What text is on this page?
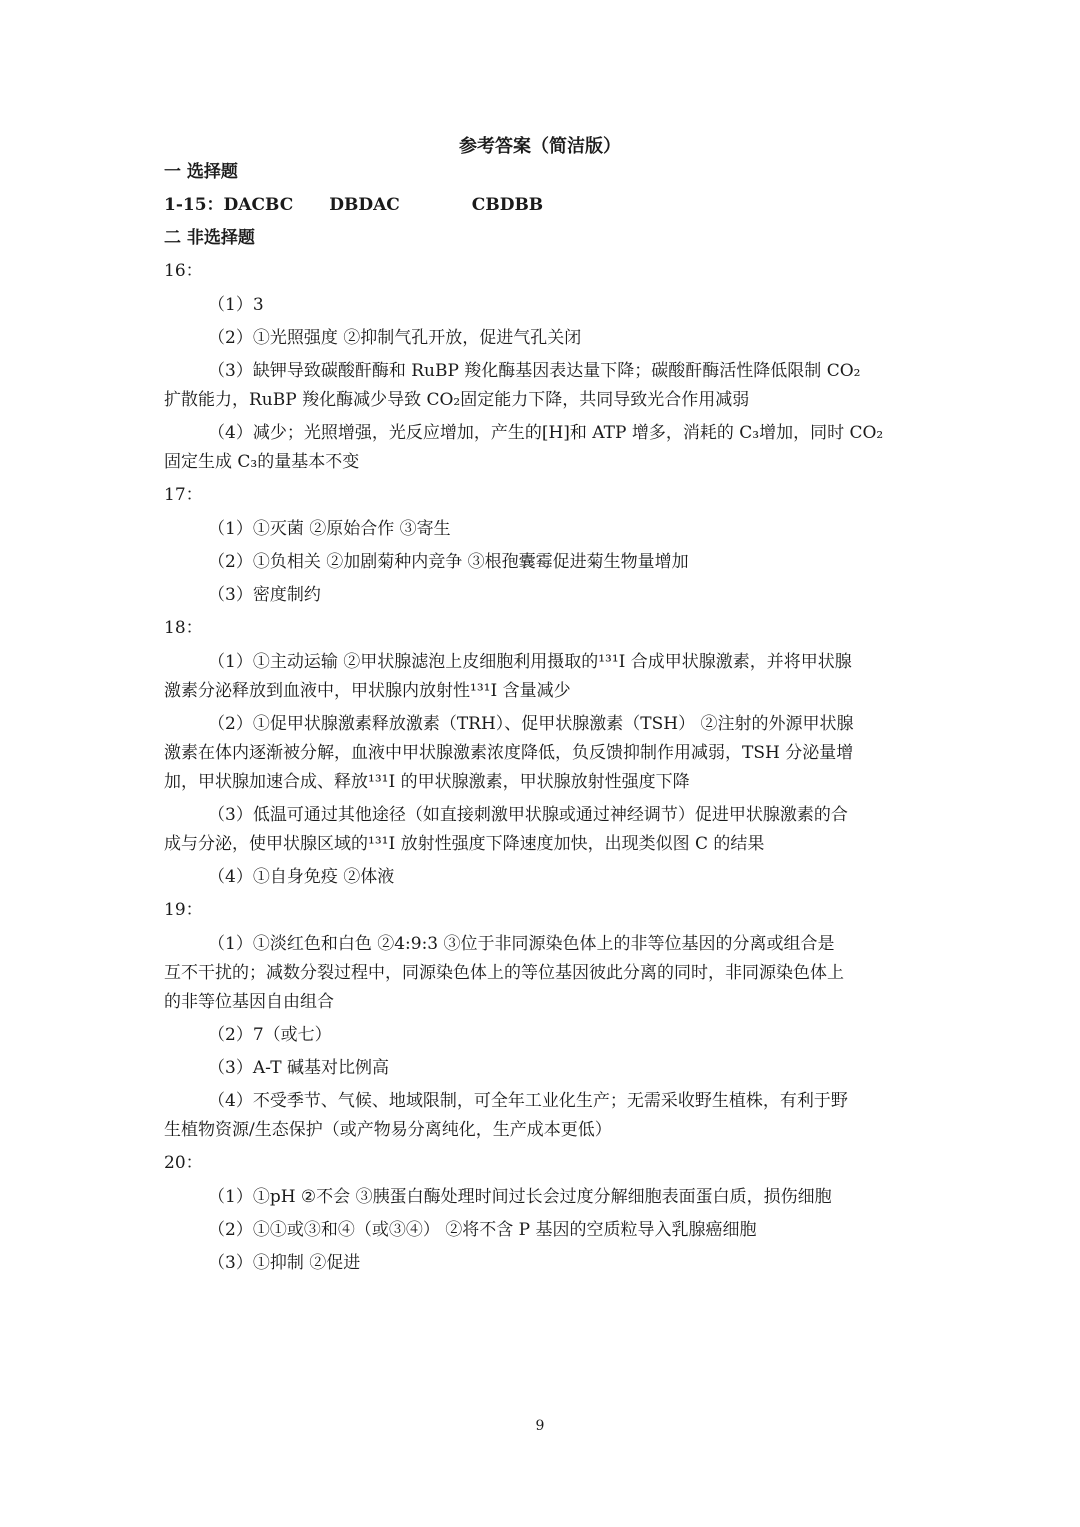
参考答案（简洁版）

一 选择题

1-15：DACBC DBDAC	CBDBB

二 非选择题

16：

（1）3

（2）①光照强度 ②抑制气孔开放，促进气孔关闭

（3）缺钾导致碳酸酐酶和 RuBP 羧化酶基因表达量下降；碳酸酐酶活性降低限制 CO₂

扩散能力，RuBP 羧化酶减少导致 CO₂固定能力下降，共同导致光合作用减弱

（4）减少；光照增强，光反应增加，产生的[H]和 ATP 增多，消耗的 C₃增加，同时 CO₂

固定生成 C₃的量基本不变

17：

（1）①灭菌 ②原始合作 ③寄生

（2）①负相关 ②加剧菊种内竞争 ③根孢囊霉促进菊生物量增加

（3）密度制约

18：

（1）①主动运输 ②甲状腺滤泡上皮细胞利用摄取的¹³¹I 合成甲状腺激素，并将甲状腺

激素分泌释放到血液中，甲状腺内放射性¹³¹I 含量减少

（2）①促甲状腺激素释放激素（TRH）、促甲状腺激素（TSH） ②注射的外源甲状腺

激素在体内逐渐被分解，血液中甲状腺激素浓度降低，负反馈抑制作用减弱，TSH 分泌量增

加，甲状腺加速合成、释放¹³¹I 的甲状腺激素，甲状腺放射性强度下降

（3）低温可通过其他途径（如直接刺激甲状腺或通过神经调节）促进甲状腺激素的合

成与分泌，使甲状腺区域的¹³¹I 放射性强度下降速度加快，出现类似图 C 的结果

（4）①自身免疫 ②体液

19：

（1）①淡红色和白色 ②4:9:3 ③位于非同源染色体上的非等位基因的分离或组合是

互不干扰的；减数分裂过程中，同源染色体上的等位基因彼此分离的同时，非同源染色体上

的非等位基因自由组合

（2）7（或七）

（3）A-T 碱基对比例高

（4）不受季节、气候、地域限制，可全年工业化生产；无需采收野生植株，有利于野

生植物资源/生态保护（或产物易分离纯化，生产成本更低）

20：

（1）①pH ②不会 ③胰蛋白酶处理时间过长会过度分解细胞表面蛋白质，损伤细胞

（2）①①或③和④（或③④） ②将不含 P 基因的空质粒导入乳腺癌细胞

（3）①抑制 ②促进

9
